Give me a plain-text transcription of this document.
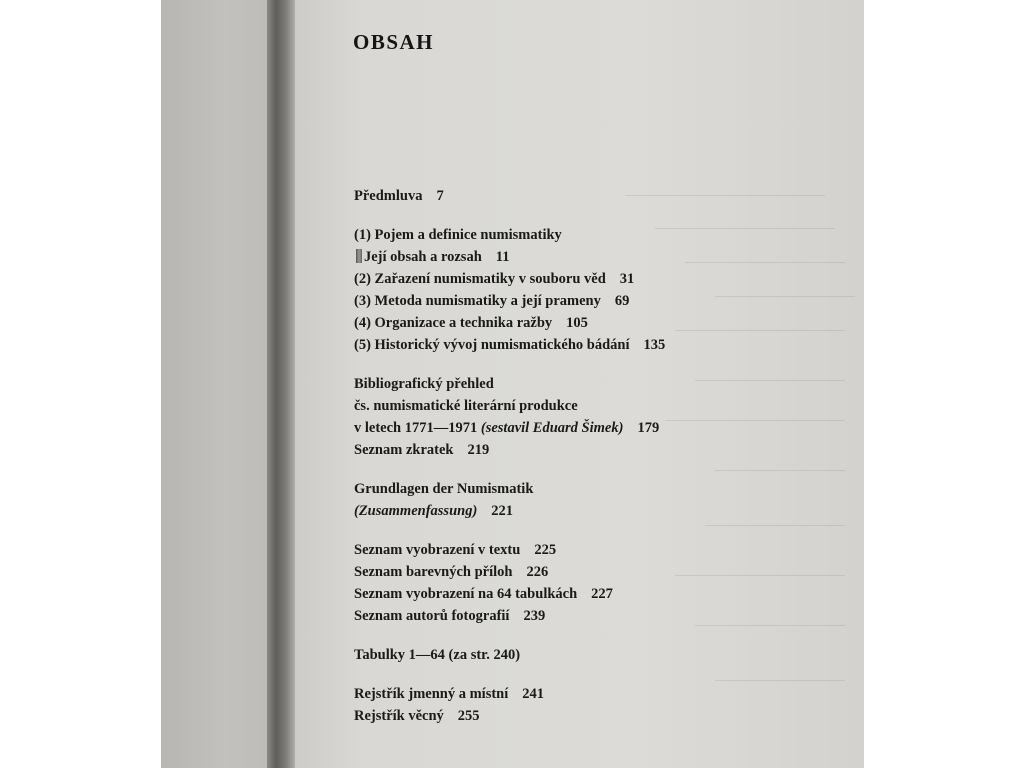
OBSAH
Předmluva 7
(1) Pojem a definice numismatiky
Její obsah a rozsah 11
(2) Zařazení numismatiky v souboru věd 31
(3) Metoda numismatiky a její prameny 69
(4) Organizace a technika ražby 105
(5) Historický vývoj numismatického bádání 135
Bibliografický přehled
čs. numismatické literární produkce
v letech 1771—1971 (sestavil Eduard Šimek) 179
Seznam zkratek 219
Grundlagen der Numismatik
(Zusammenfassung) 221
Seznam vyobrazení v textu 225
Seznam barevných příloh 226
Seznam vyobrazení na 64 tabulkách 227
Seznam autorů fotografií 239
Tabulky 1—64 (za str. 240)
Rejstřík jmenný a místní 241
Rejstřík věcný 255
